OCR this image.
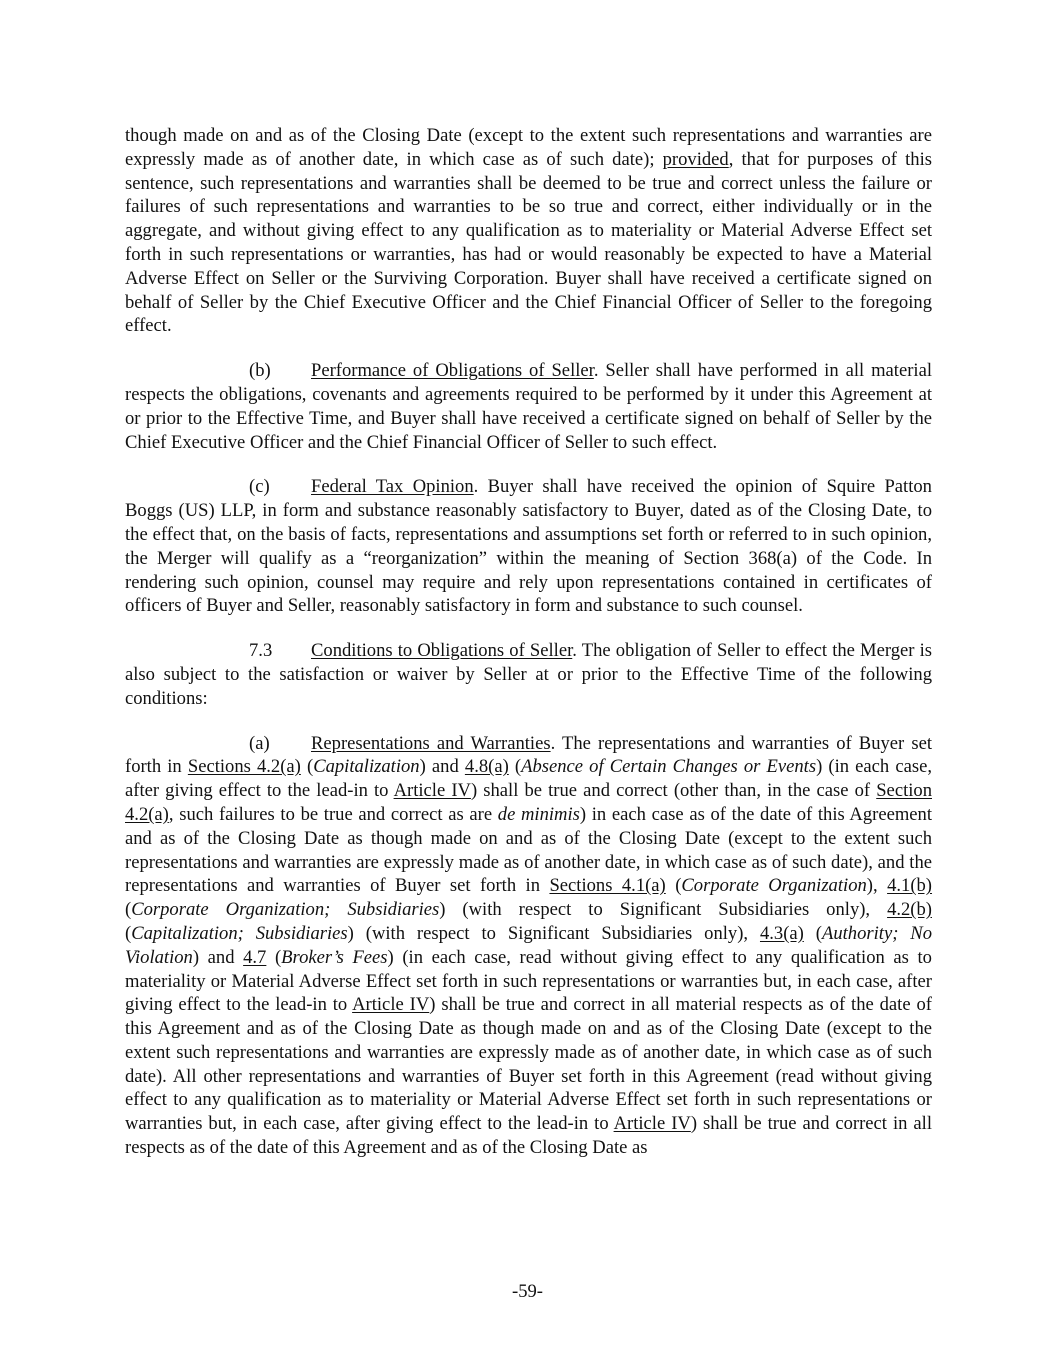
though made on and as of the Closing Date (except to the extent such representations and warranties are expressly made as of another date, in which case as of such date); provided, that for purposes of this sentence, such representations and warranties shall be deemed to be true and correct unless the failure or failures of such representations and warranties to be so true and correct, either individually or in the aggregate, and without giving effect to any qualification as to materiality or Material Adverse Effect set forth in such representations or warranties, has had or would reasonably be expected to have a Material Adverse Effect on Seller or the Surviving Corporation. Buyer shall have received a certificate signed on behalf of Seller by the Chief Executive Officer and the Chief Financial Officer of Seller to the foregoing effect.

(b) Performance of Obligations of Seller. Seller shall have performed in all material respects the obligations, covenants and agreements required to be performed by it under this Agreement at or prior to the Effective Time, and Buyer shall have received a certificate signed on behalf of Seller by the Chief Executive Officer and the Chief Financial Officer of Seller to such effect.

(c) Federal Tax Opinion. Buyer shall have received the opinion of Squire Patton Boggs (US) LLP, in form and substance reasonably satisfactory to Buyer, dated as of the Closing Date, to the effect that, on the basis of facts, representations and assumptions set forth or referred to in such opinion, the Merger will qualify as a “reorganization” within the meaning of Section 368(a) of the Code. In rendering such opinion, counsel may require and rely upon representations contained in certificates of officers of Buyer and Seller, reasonably satisfactory in form and substance to such counsel.

7.3 Conditions to Obligations of Seller. The obligation of Seller to effect the Merger is also subject to the satisfaction or waiver by Seller at or prior to the Effective Time of the following conditions:

(a) Representations and Warranties. The representations and warranties of Buyer set forth in Sections 4.2(a) (Capitalization) and 4.8(a) (Absence of Certain Changes or Events) (in each case, after giving effect to the lead-in to Article IV) shall be true and correct (other than, in the case of Section 4.2(a), such failures to be true and correct as are de minimis) in each case as of the date of this Agreement and as of the Closing Date as though made on and as of the Closing Date (except to the extent such representations and warranties are expressly made as of another date, in which case as of such date), and the representations and warranties of Buyer set forth in Sections 4.1(a) (Corporate Organization), 4.1(b) (Corporate Organization; Subsidiaries) (with respect to Significant Subsidiaries only), 4.2(b) (Capitalization; Subsidiaries) (with respect to Significant Subsidiaries only), 4.3(a) (Authority; No Violation) and 4.7 (Broker’s Fees) (in each case, read without giving effect to any qualification as to materiality or Material Adverse Effect set forth in such representations or warranties but, in each case, after giving effect to the lead-in to Article IV) shall be true and correct in all material respects as of the date of this Agreement and as of the Closing Date as though made on and as of the Closing Date (except to the extent such representations and warranties are expressly made as of another date, in which case as of such date). All other representations and warranties of Buyer set forth in this Agreement (read without giving effect to any qualification as to materiality or Material Adverse Effect set forth in such representations or warranties but, in each case, after giving effect to the lead-in to Article IV) shall be true and correct in all respects as of the date of this Agreement and as of the Closing Date as

-59-
